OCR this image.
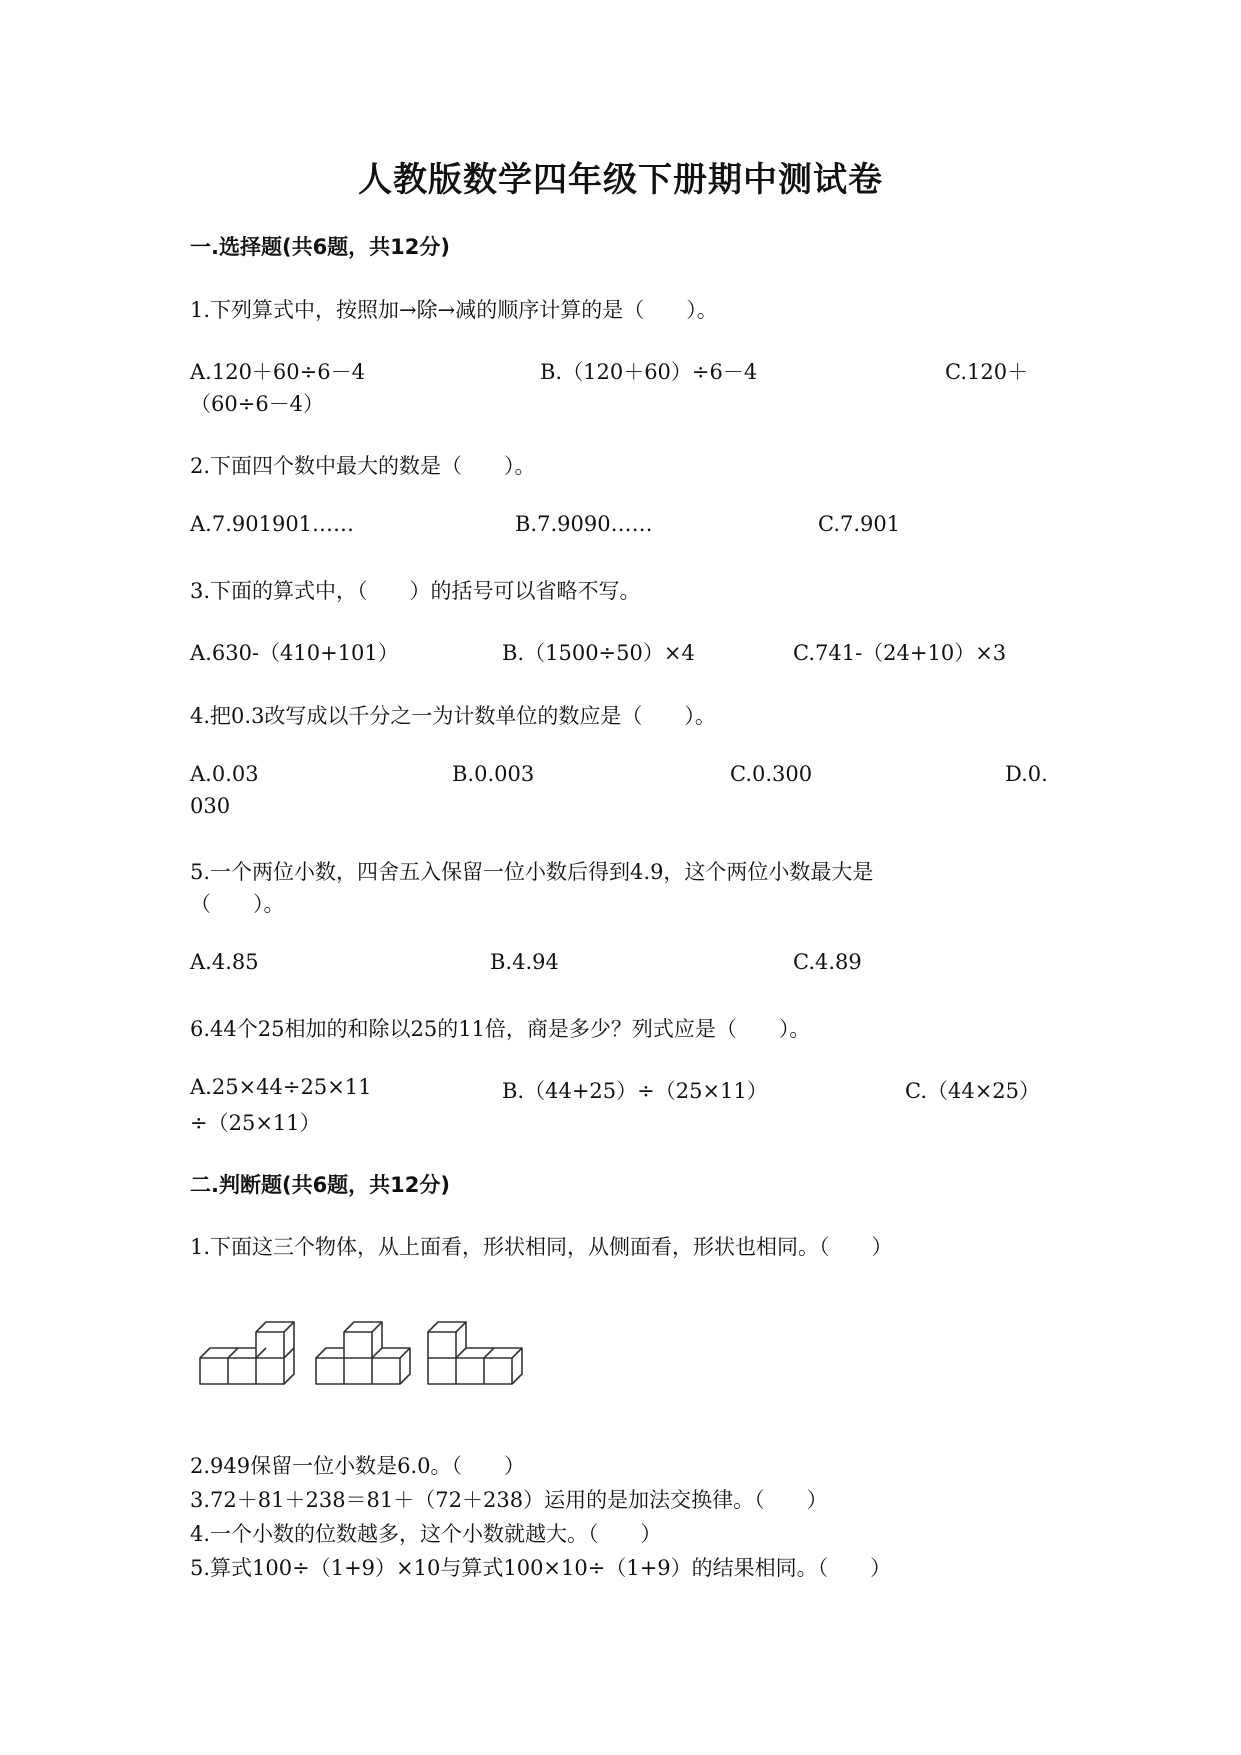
人教版数学四年级下册期中测试卷
一.选择题(共6题，共12分)
1.下列算式中，按照加→除→减的顺序计算的是（　　）。
A.120＋60÷6－4	B.（120＋60）÷6－4	C.120＋
（60÷6－4）
2.下面四个数中最大的数是（　　）。
A.7.901901……	B.7.9090……	C.7.901
3.下面的算式中，（　　）的括号可以省略不写。
A.630-（410+101）	B.（1500÷50）×4	C.741-（24+10）×3
4.把0.3改写成以千分之一为计数单位的数应是（　　）。
A.0.03	B.0.003	C.0.300	D.0.
030
5.一个两位小数，四舍五入保留一位小数后得到4.9，这个两位小数最大是
（　　）。
A.4.85	B.4.94	C.4.89
6.44个25相加的和除以25的11倍，商是多少？列式应是（　　）。
A.25×44÷25×11	B.（44+25）÷（25×11）	C.（44×25）
÷（25×11）
二.判断题(共6题，共12分)
1.下面这三个物体，从上面看，形状相同，从侧面看，形状也相同。（　　）
2.949保留一位小数是6.0。（　　）
3.72＋81＋238＝81＋（72＋238）运用的是加法交换律。（　　）
4.一个小数的位数越多，这个小数就越大。（　　）
5.算式100÷（1+9）×10与算式100×10÷（1+9）的结果相同。（　　）
